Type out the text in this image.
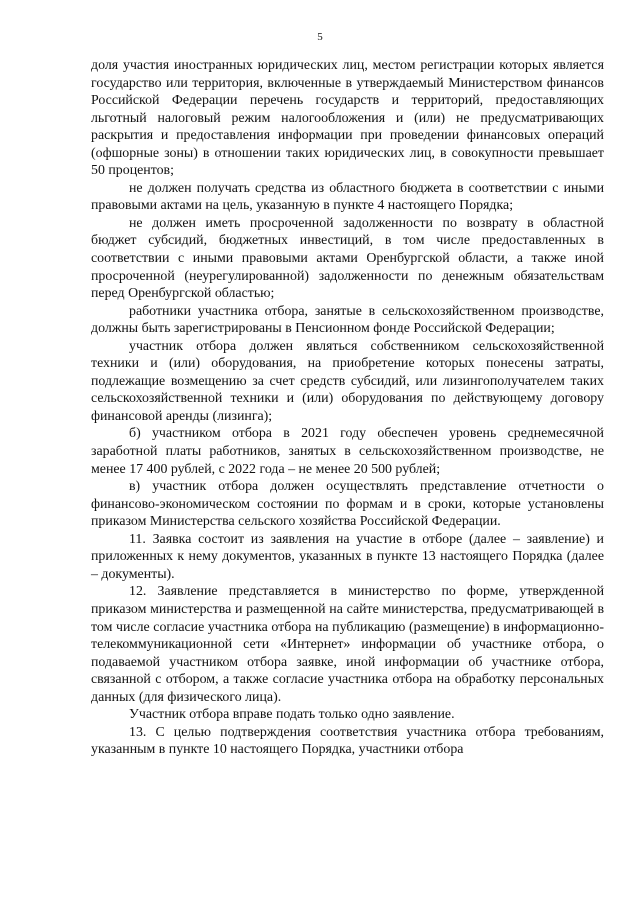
5

доля участия иностранных юридических лиц, местом регистрации которых является государство или территория, включенные в утверждаемый Министерством финансов Российской Федерации перечень государств и территорий, предоставляющих льготный налоговый режим налогообложения и (или) не предусматривающих раскрытия и предоставления информации при проведении финансовых операций (офшорные зоны) в отношении таких юридических лиц, в совокупности превышает 50 процентов;

не должен получать средства из областного бюджета в соответствии с иными правовыми актами на цель, указанную в пункте 4 настоящего Порядка;

не должен иметь просроченной задолженности по возврату в областной бюджет субсидий, бюджетных инвестиций, в том числе предоставленных в соответствии с иными правовыми актами Оренбургской области, а также иной просроченной (неурегулированной) задолженности по денежным обязательствам перед Оренбургской областью;

работники участника отбора, занятые в сельскохозяйственном производстве, должны быть зарегистрированы в Пенсионном фонде Российской Федерации;

участник отбора должен являться собственником сельскохозяйственной техники и (или) оборудования, на приобретение которых понесены затраты, подлежащие возмещению за счет средств субсидий, или лизингополучателем таких сельскохозяйственной техники и (или) оборудования по действующему договору финансовой аренды (лизинга);

б) участником отбора в 2021 году обеспечен уровень среднемесячной заработной платы работников, занятых в сельскохозяйственном производстве, не менее 17 400 рублей, с 2022 года – не менее 20 500 рублей;

в) участник отбора должен осуществлять представление отчетности о финансово-экономическом состоянии по формам и в сроки, которые установлены приказом Министерства сельского хозяйства Российской Федерации.

11. Заявка состоит из заявления на участие в отборе (далее – заявление) и приложенных к нему документов, указанных в пункте 13 настоящего Порядка (далее – документы).

12. Заявление представляется в министерство по форме, утвержденной приказом министерства и размещенной на сайте министерства, предусматривающей в том числе согласие участника отбора на публикацию (размещение) в информационно-телекоммуникационной сети «Интернет» информации об участнике отбора, о подаваемой участником отбора заявке, иной информации об участнике отбора, связанной с отбором, а также согласие участника отбора на обработку персональных данных (для физического лица).

Участник отбора вправе подать только одно заявление.

13. С целью подтверждения соответствия участника отбора требованиям, указанным в пункте 10 настоящего Порядка, участники отбора
